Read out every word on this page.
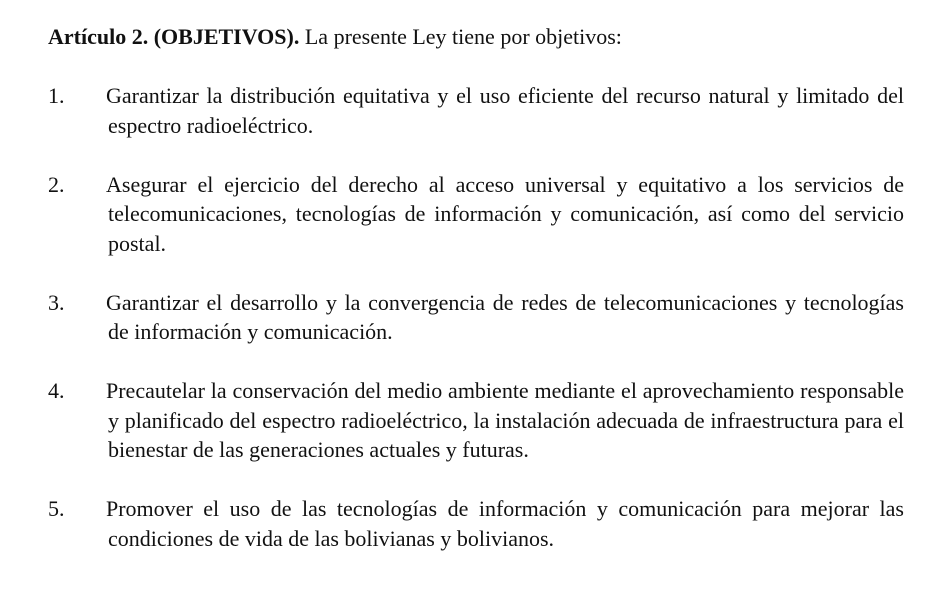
Artículo 2. (OBJETIVOS). La presente Ley tiene por objetivos:

1. Garantizar la distribución equitativa y el uso eficiente del recurso natural y limitado del espectro radioeléctrico.
2. Asegurar el ejercicio del derecho al acceso universal y equitativo a los servicios de telecomunicaciones, tecnologías de información y comunicación, así como del servicio postal.
3. Garantizar el desarrollo y la convergencia de redes de telecomunicaciones y tecnologías de información y comunicación.
4. Precautelar la conservación del medio ambiente mediante el aprovechamiento responsable y planificado del espectro radioeléctrico, la instalación adecuada de infraestructura para el bienestar de las generaciones actuales y futuras.
5. Promover el uso de las tecnologías de información y comunicación para mejorar las condiciones de vida de las bolivianas y bolivianos.
